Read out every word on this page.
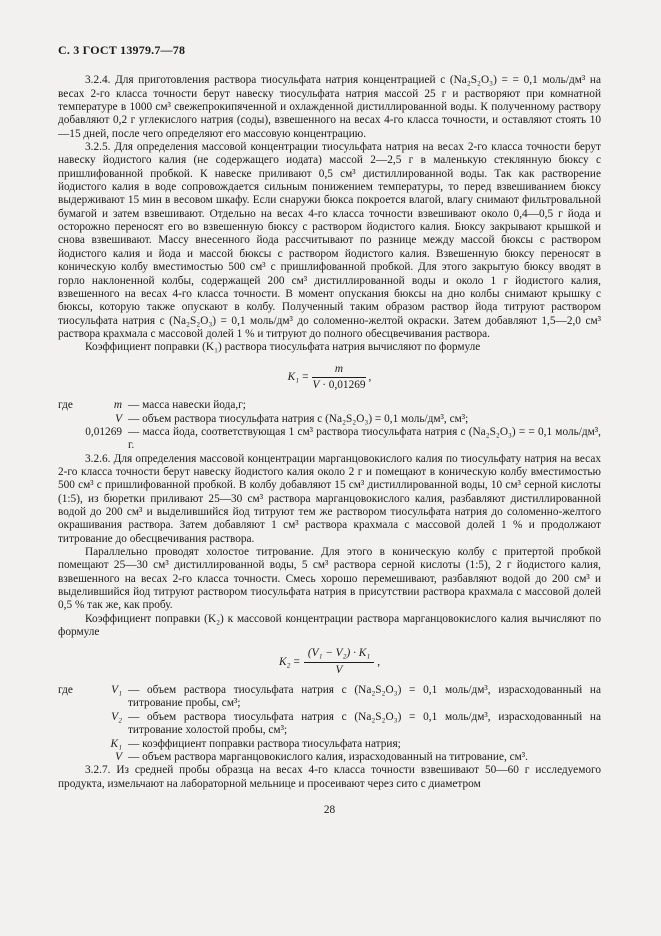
С. 3 ГОСТ 13979.7—78

3.2.4. Для приготовления раствора тиосульфата натрия концентрацией c (Na₂S₂O₃) = = 0,1 моль/дм³ на весах 2-го класса точности берут навеску тиосульфата натрия массой 25 г и растворяют при комнатной температуре в 1000 см³ свежепрокипяченной и охлажденной дистиллированной воды. К полученному раствору добавляют 0,2 г углекислого натрия (соды), взвешенного на весах 4-го класса точности, и оставляют стоять 10—15 дней, после чего определяют его массовую концентрацию.

3.2.5. Для определения массовой концентрации тиосульфата натрия на весах 2-го класса точности берут навеску йодистого калия (не содержащего иодата) массой 2—2,5 г в маленькую стеклянную бюксу с пришлифованной пробкой. К навеске приливают 0,5 см³ дистиллированной воды. Так как растворение йодистого калия в воде сопровождается сильным понижением температуры, то перед взвешиванием бюксу выдерживают 15 мин в весовом шкафу. Если снаружи бюкса покроется влагой, влагу снимают фильтровальной бумагой и затем взвешивают. Отдельно на весах 4-го класса точности взвешивают около 0,4—0,5 г йода и осторожно переносят его во взвешенную бюксу с раствором йодистого калия. Бюксу закрывают крышкой и снова взвешивают. Массу внесенного йода рассчитывают по разнице между массой бюксы с раствором йодистого калия и йода и массой бюксы с раствором йодистого калия. Взвешенную бюксу переносят в коническую колбу вместимостью 500 см³ с пришлифованной пробкой. Для этого закрытую бюксу вводят в горло наклоненной колбы, содержащей 200 см³ дистиллированной воды и около 1 г йодистого калия, взвешенного на весах 4-го класса точности. В момент опускания бюксы на дно колбы снимают крышку с бюксы, которую также опускают в колбу. Полученный таким образом раствор йода титруют раствором тиосульфата натрия c (Na₂S₂O₃) = 0,1 моль/дм³ до соломенно-желтой окраски. Затем добавляют 1,5—2,0 см³ раствора крахмала с массовой долей 1 % и титруют до полного обесцвечивания раствора.

Коэффициент поправки (K₁) раствора тиосульфата натрия вычисляют по формуле

$K_1 = \frac{m}{V \cdot 0,01269}$ ,
где	m — масса навески йода,г;
V — объем раствора тиосульфата натрия c (Na₂S₂O₃) = 0,1 моль/дм³, см³;
0,01269 — масса йода, соответствующая 1 см³ раствора тиосульфата натрия c (Na₂S₂O₃) = = 0,1 моль/дм³, г.

3.2.6. Для определения массовой концентрации марганцовокислого калия по тиосульфату натрия на весах 2-го класса точности берут навеску йодистого калия около 2 г и помещают в коническую колбу вместимостью 500 см³ с пришлифованной пробкой. В колбу добавляют 15 см³ дистиллированной воды, 10 см³ серной кислоты (1:5), из бюретки приливают 25—30 см³ раствора марганцовокислого калия, разбавляют дистиллированной водой до 200 см³ и выделившийся йод титруют тем же раствором тиосульфата натрия до соломенно-желтого окрашивания раствора. Затем добавляют 1 см³ раствора крахмала с массовой долей 1 % и продолжают титрование до обесцвечивания раствора.

Параллельно проводят холостое титрование. Для этого в коническую колбу с притертой пробкой помещают 25—30 см³ дистиллированной воды, 5 см³ раствора серной кислоты (1:5), 2 г йодистого калия, взвешенного на весах 2-го класса точности. Смесь хорошо перемешивают, разбавляют водой до 200 см³ и выделившийся йод титруют раствором тиосульфата натрия в присутствии раствора крахмала с массовой долей 0,5 % так же, как пробу.

Коэффициент поправки (K₂) к массовой концентрации раствора марганцовокислого калия вычисляют по формуле

$K_2 = \frac{\text{(V₁ − V₂) · K₁}}{V}$ ,
где	V₁ — объем раствора тиосульфата натрия c (Na₂S₂O₃) = 0,1 моль/дм³, израсходованный на титрование пробы, см³;
V₂ — объем раствора тиосульфата натрия c (Na₂S₂O₃) = 0,1 моль/дм³, израсходованный на титрование холостой пробы, см³;
K₁ — коэффициент поправки раствора тиосульфата натрия;
V — объем раствора марганцовокислого калия, израсходованный на титрование, см³.

3.2.7. Из средней пробы образца на весах 4-го класса точности взвешивают 50—60 г исследуемого продукта, измельчают на лабораторной мельнице и просеивают через сито с диаметром

28
